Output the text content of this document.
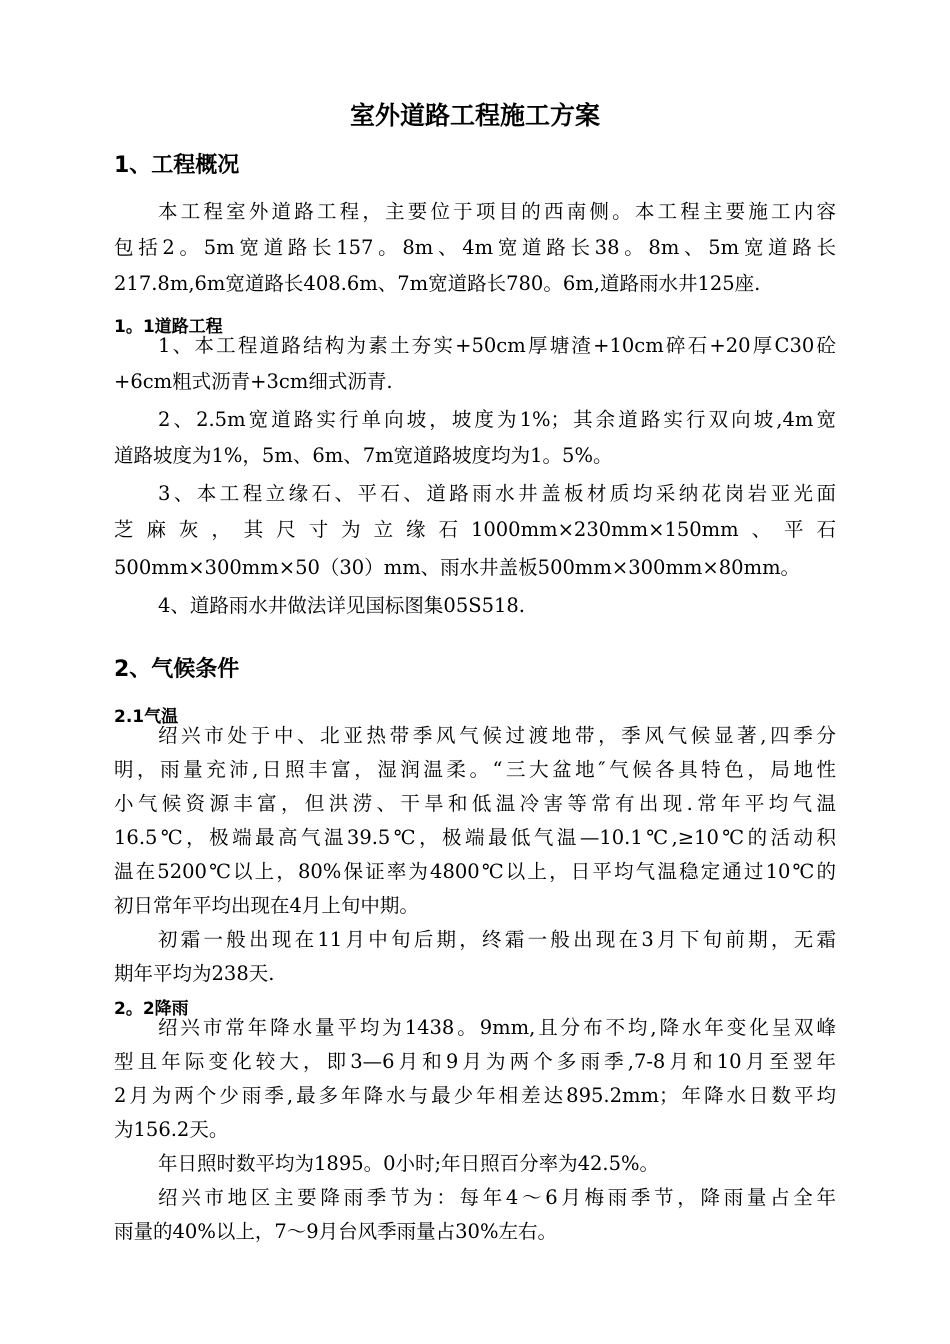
室外道路工程施工方案
1、工程概况
本工程室外道路工程，主要位于项目的西南侧。本工程主要施工内容
包括2。5m宽道路长157。8m、4m宽道路长38。8m、5m宽道路长
217.8m,6m宽道路长408.6m、7m宽道路长780。6m,道路雨水井125座.
1。1道路工程
1、本工程道路结构为素土夯实+50cm厚塘渣+10cm碎石+20厚C30砼
+6cm粗式沥青+3cm细式沥青.
2、2.5m宽道路实行单向坡，坡度为1%；其余道路实行双向坡,4m宽
道路坡度为1%，5m、6m、7m宽道路坡度均为1。5%。
3、本工程立缘石、平石、道路雨水井盖板材质均采纳花岗岩亚光面
芝麻灰，其尺寸为立缘石1000mm×230mm×150mm、平石
500mm×300mm×50（30）mm、雨水井盖板500mm×300mm×80mm。
4、道路雨水井做法详见国标图集05S518.
2、气候条件
2.1气温
绍兴市处于中、北亚热带季风气候过渡地带，季风气候显著,四季分
明，雨量充沛,日照丰富，湿润温柔。“三大盆地″气候各具特色，局地性
小气候资源丰富，但洪涝、干旱和低温冷害等常有出现.常年平均气温
16.5℃，极端最高气温39.5℃，极端最低气温—10.1℃,≥10℃的活动积
温在5200℃以上，80%保证率为4800℃以上，日平均气温稳定通过10℃的
初日常年平均出现在4月上旬中期。
初霜一般出现在11月中旬后期，终霜一般出现在3月下旬前期，无霜
期年平均为238天.
2。2降雨
绍兴市常年降水量平均为1438。9mm,且分布不均,降水年变化呈双峰
型且年际变化较大，即3—6月和9月为两个多雨季,7-8月和10月至翌年
2月为两个少雨季,最多年降水与最少年相差达895.2mm；年降水日数平均
为156.2天。
年日照时数平均为1895。0小时;年日照百分率为42.5%。
绍兴市地区主要降雨季节为：每年4～6月梅雨季节，降雨量占全年
雨量的40%以上，7～9月台风季雨量占30%左右。
